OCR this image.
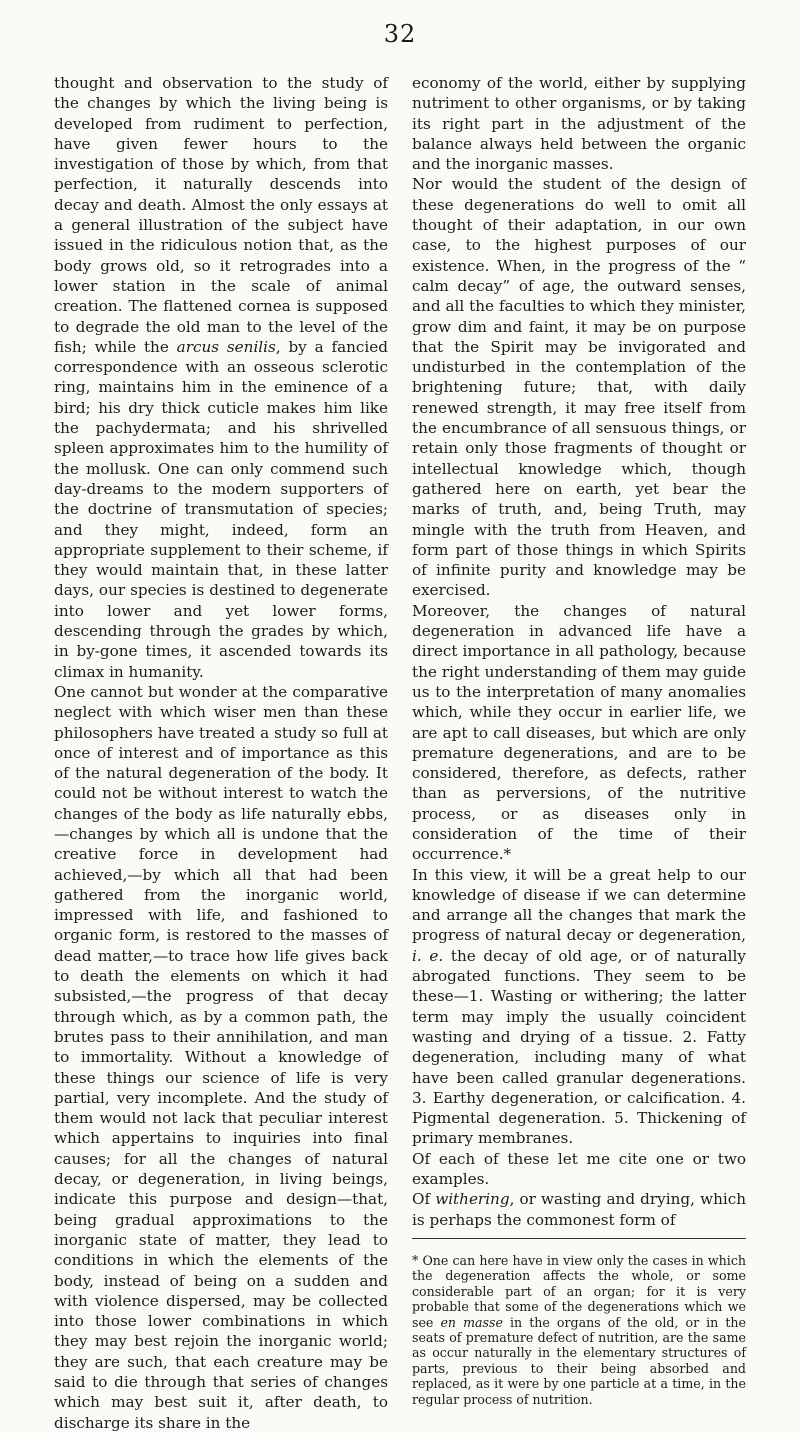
32

thought and observation to the study of the changes by which the living being is developed from rudiment to perfection, have given fewer hours to the investigation of those by which, from that perfection, it naturally descends into decay and death. Almost the only essays at a general illustration of the subject have issued in the ridiculous notion that, as the body grows old, so it retrogrades into a lower station in the scale of animal creation. The flattened cornea is supposed to degrade the old man to the level of the fish; while the arcus senilis, by a fancied correspondence with an osseous sclerotic ring, maintains him in the eminence of a bird; his dry thick cuticle makes him like the pachydermata; and his shrivelled spleen approximates him to the humility of the mollusk. One can only commend such day-dreams to the modern supporters of the doctrine of transmutation of species; and they might, indeed, form an appropriate supplement to their scheme, if they would maintain that, in these latter days, our species is destined to degenerate into lower and yet lower forms, descending through the grades by which, in by-gone times, it ascended towards its climax in humanity.

One cannot but wonder at the comparative neglect with which wiser men than these philosophers have treated a study so full at once of interest and of importance as this of the natural degeneration of the body. It could not be without interest to watch the changes of the body as life naturally ebbs,—changes by which all is undone that the creative force in development had achieved,—by which all that had been gathered from the inorganic world, impressed with life, and fashioned to organic form, is restored to the masses of dead matter,—to trace how life gives back to death the elements on which it had subsisted,—the progress of that decay through which, as by a common path, the brutes pass to their annihilation, and man to immortality. Without a knowledge of these things our science of life is very partial, very incomplete. And the study of them would not lack that peculiar interest which appertains to inquiries into final causes; for all the changes of natural decay, or degeneration, in living beings, indicate this purpose and design—that, being gradual approximations to the inorganic state of matter, they lead to conditions in which the elements of the body, instead of being on a sudden and with violence dispersed, may be collected into those lower combinations in which they may best rejoin the inorganic world; they are such, that each creature may be said to die through that series of changes which may best suit it, after death, to discharge its share in the

economy of the world, either by supplying nutriment to other organisms, or by taking its right part in the adjustment of the balance always held between the organic and the inorganic masses.

Nor would the student of the design of these degenerations do well to omit all thought of their adaptation, in our own case, to the highest purposes of our existence. When, in the progress of the “ calm decay” of age, the outward senses, and all the faculties to which they minister, grow dim and faint, it may be on purpose that the Spirit may be invigorated and undisturbed in the contemplation of the brightening future; that, with daily renewed strength, it may free itself from the encumbrance of all sensuous things, or retain only those fragments of thought or intellectual knowledge which, though gathered here on earth, yet bear the marks of truth, and, being Truth, may mingle with the truth from Heaven, and form part of those things in which Spirits of infinite purity and knowledge may be exercised.

Moreover, the changes of natural degeneration in advanced life have a direct importance in all pathology, because the right understanding of them may guide us to the interpretation of many anomalies which, while they occur in earlier life, we are apt to call diseases, but which are only premature degenerations, and are to be considered, therefore, as defects, rather than as perversions, of the nutritive process, or as diseases only in consideration of the time of their occurrence.*

In this view, it will be a great help to our knowledge of disease if we can determine and arrange all the changes that mark the progress of natural decay or degeneration, i. e. the decay of old age, or of naturally abrogated functions. They seem to be these—1. Wasting or withering; the latter term may imply the usually coincident wasting and drying of a tissue. 2. Fatty degeneration, including many of what have been called granular degenerations. 3. Earthy degeneration, or calcification. 4. Pigmental degeneration. 5. Thickening of primary membranes.

Of each of these let me cite one or two examples.

Of withering, or wasting and drying, which is perhaps the commonest form of

* One can here have in view only the cases in which the degeneration affects the whole, or some considerable part of an organ; for it is very probable that some of the degenerations which we see en masse in the organs of the old, or in the seats of premature defect of nutrition, are the same as occur naturally in the elementary structures of parts, previous to their being absorbed and replaced, as it were by one particle at a time, in the regular process of nutrition.
